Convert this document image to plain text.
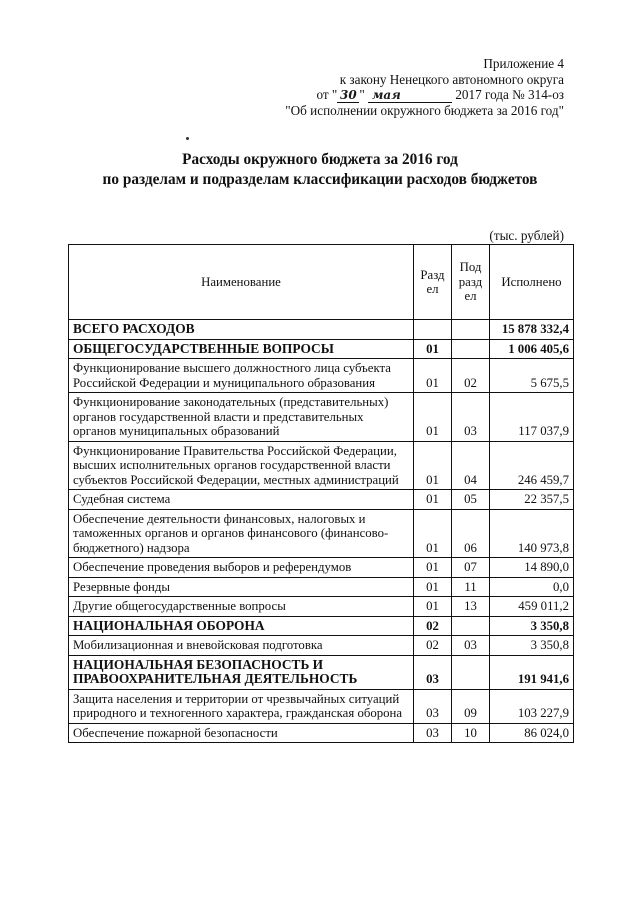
Приложение 4
к закону Ненецкого автономного округа
от " 30 " мая	2017 года № 314-оз
"Об исполнении окружного бюджета за 2016 год"
Расходы окружного бюджета за 2016 год
по разделам и подразделам классификации расходов бюджетов
(тыс. рублей)
Наименование	Разд ел	Под разд ел	Исполнено
ВСЕГО РАСХОДОВ			15 878 332,4
ОБЩЕГОСУДАРСТВЕННЫЕ ВОПРОСЫ	01		1 006 405,6
Функционирование высшего должностного лица субъекта Российской Федерации и муниципального образования	01	02	5 675,5
Функционирование законодательных (представительных) органов государственной власти и представительных органов муниципальных образований	01	03	117 037,9
Функционирование Правительства Российской Федерации, высших исполнительных органов государственной власти субъектов Российской Федерации, местных администраций	01	04	246 459,7
Судебная система	01	05	22 357,5
Обеспечение деятельности финансовых, налоговых и таможенных органов и органов финансового (финансово-бюджетного) надзора	01	06	140 973,8
Обеспечение проведения выборов и референдумов	01	07	14 890,0
Резервные фонды	01	11	0,0
Другие общегосударственные вопросы	01	13	459 011,2
НАЦИОНАЛЬНАЯ ОБОРОНА	02		3 350,8
Мобилизационная и вневойсковая подготовка	02	03	3 350,8
НАЦИОНАЛЬНАЯ БЕЗОПАСНОСТЬ И ПРАВООХРАНИТЕЛЬНАЯ ДЕЯТЕЛЬНОСТЬ	03		191 941,6
Защита населения и территории от чрезвычайных ситуаций природного и техногенного характера, гражданская оборона	03	09	103 227,9
Обеспечение пожарной безопасности	03	10	86 024,0
